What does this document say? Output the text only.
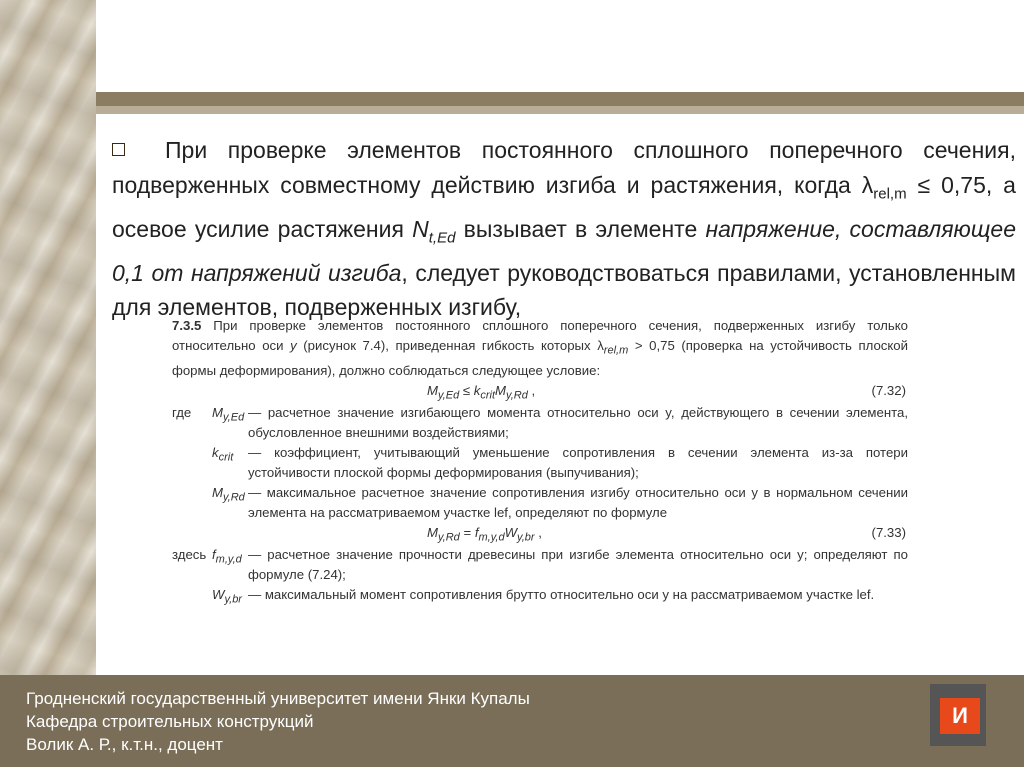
При проверке элементов постоянного сплошного поперечного сечения, подверженных совместному действию изгиба и растяжения, когда $\lambda_{rel,m} \le 0,75$, а осевое усилие растяжения $N_{t,Ed}$ вызывает в элементе напряжение, составляющее 0,1 от напряжений изгиба, следует руководствоваться правилами, установленным для элементов, подверженных изгибу,

7.3.5 При проверке элементов постоянного сплошного поперечного сечения, подверженных изгибу только относительно оси y (рисунок 7.4), приведенная гибкость которых $\lambda_{rel,m} > 0,75$ (проверка на устойчивость плоской формы деформирования), должно соблюдаться следующее условие:

$M_{y,Ed} \le k_{crit}M_{y,Rd}$ ,	(7.32)
где	$M_{y,Ed}$ — расчетное значение изгибающего момента относительно оси y, действующего в сечении элемента, обусловленное внешними воздействиями;
$k_{crit}$	— коэффициент, учитывающий уменьшение сопротивления в сечении элемента из-за потери устойчивости плоской формы деформирования (выпучивания);
$M_{y,Rd}$ — максимальное расчетное значение сопротивления изгибу относительно оси y в нормальном сечении элемента на рассматриваемом участке lef, определяют по формуле
$M_{y,Rd} = f_{m,y,d}W_{y,br}$ ,	(7.33)
здесь $f_{m,y,d}$ — расчетное значение прочности древесины при изгибе элемента относительно оси y; определяют по формуле (7.24);
$W_{y,br}$ — максимальный момент сопротивления брутто относительно оси y на рассматриваемом участке lef.
Гродненский государственный университет имени Янки Купалы
Кафедра строительных конструкций
Волик А. Р., к.т.н., доцент
И
